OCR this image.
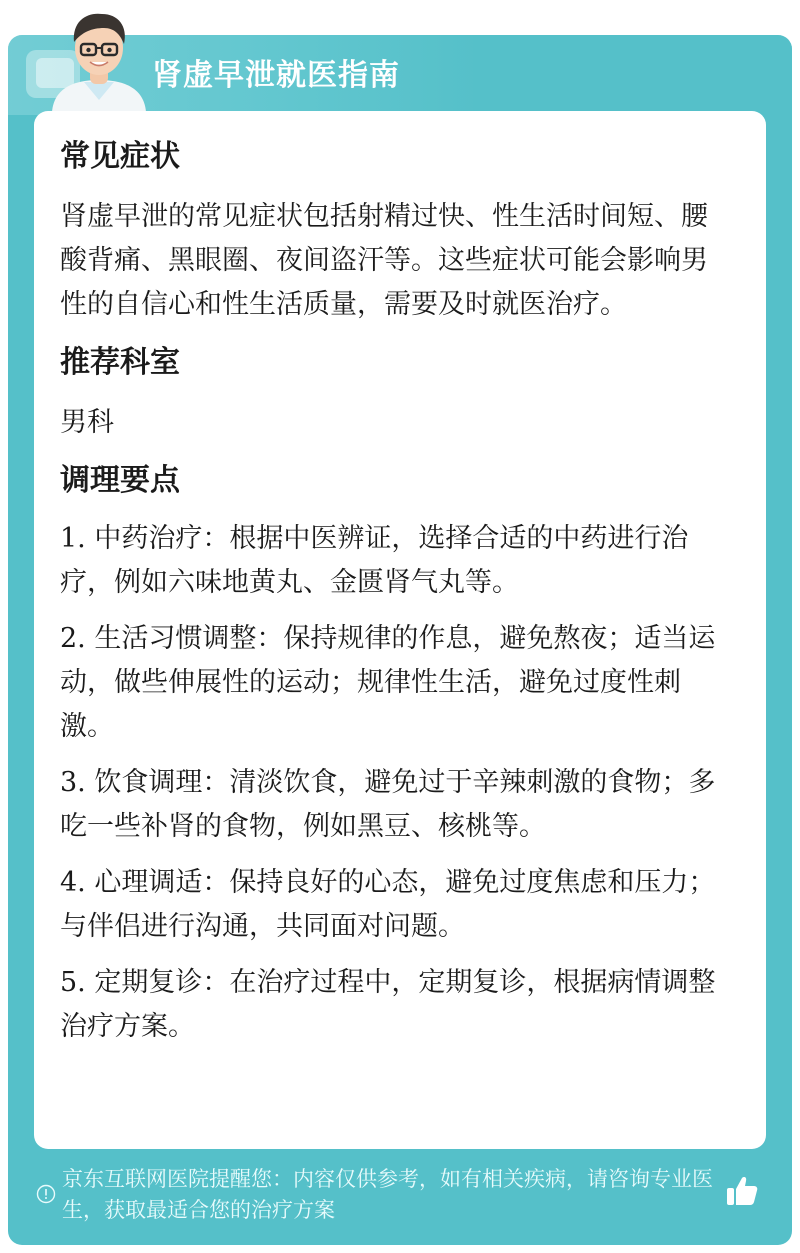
肾虚早泄就医指南
常见症状

肾虚早泄的常见症状包括射精过快、性生活时间短、腰酸背痛、黑眼圈、夜间盗汗等。这些症状可能会影响男性的自信心和性生活质量，需要及时就医治疗。

推荐科室

男科

调理要点

1. 中药治疗：根据中医辨证，选择合适的中药进行治疗，例如六味地黄丸、金匮肾气丸等。

2. 生活习惯调整：保持规律的作息，避免熬夜；适当运动，做些伸展性的运动；规律性生活，避免过度性刺激。

3. 饮食调理：清淡饮食，避免过于辛辣刺激的食物；多吃一些补肾的食物，例如黑豆、核桃等。

4. 心理调适：保持良好的心态，避免过度焦虑和压力；与伴侣进行沟通，共同面对问题。

5. 定期复诊：在治疗过程中，定期复诊，根据病情调整治疗方案。

京东互联网医院提醒您：内容仅供参考，如有相关疾病，请咨询专业医生，获取最适合您的治疗方案
